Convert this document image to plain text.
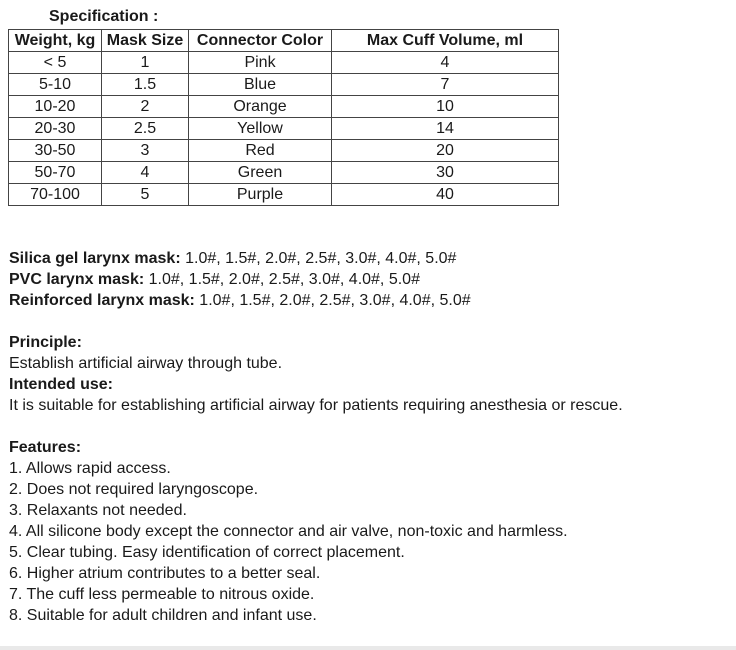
Specification :
Weight, kg	Mask Size	Connector Color	Max Cuff Volume, ml
< 5	1	Pink	4
5-10	1.5	Blue	7
10-20	2	Orange	10
20-30	2.5	Yellow	14
30-50	3	Red	20
50-70	4	Green	30
70-100	5	Purple	40
Silica gel larynx mask: 1.0#, 1.5#, 2.0#, 2.5#, 3.0#, 4.0#, 5.0#
PVC larynx mask: 1.0#, 1.5#, 2.0#, 2.5#, 3.0#, 4.0#, 5.0#
Reinforced larynx mask: 1.0#, 1.5#, 2.0#, 2.5#, 3.0#, 4.0#, 5.0#
Principle:
Establish artificial airway through tube.
Intended use:
It is suitable for establishing artificial airway for patients requiring anesthesia or rescue.
Features:
1. Allows rapid access.
2. Does not required laryngoscope.
3. Relaxants not needed.
4. All silicone body except the connector and air valve, non-toxic and harmless.
5. Clear tubing. Easy identification of correct placement.
6. Higher atrium contributes to a better seal.
7. The cuff less permeable to nitrous oxide.
8. Suitable for adult children and infant use.
